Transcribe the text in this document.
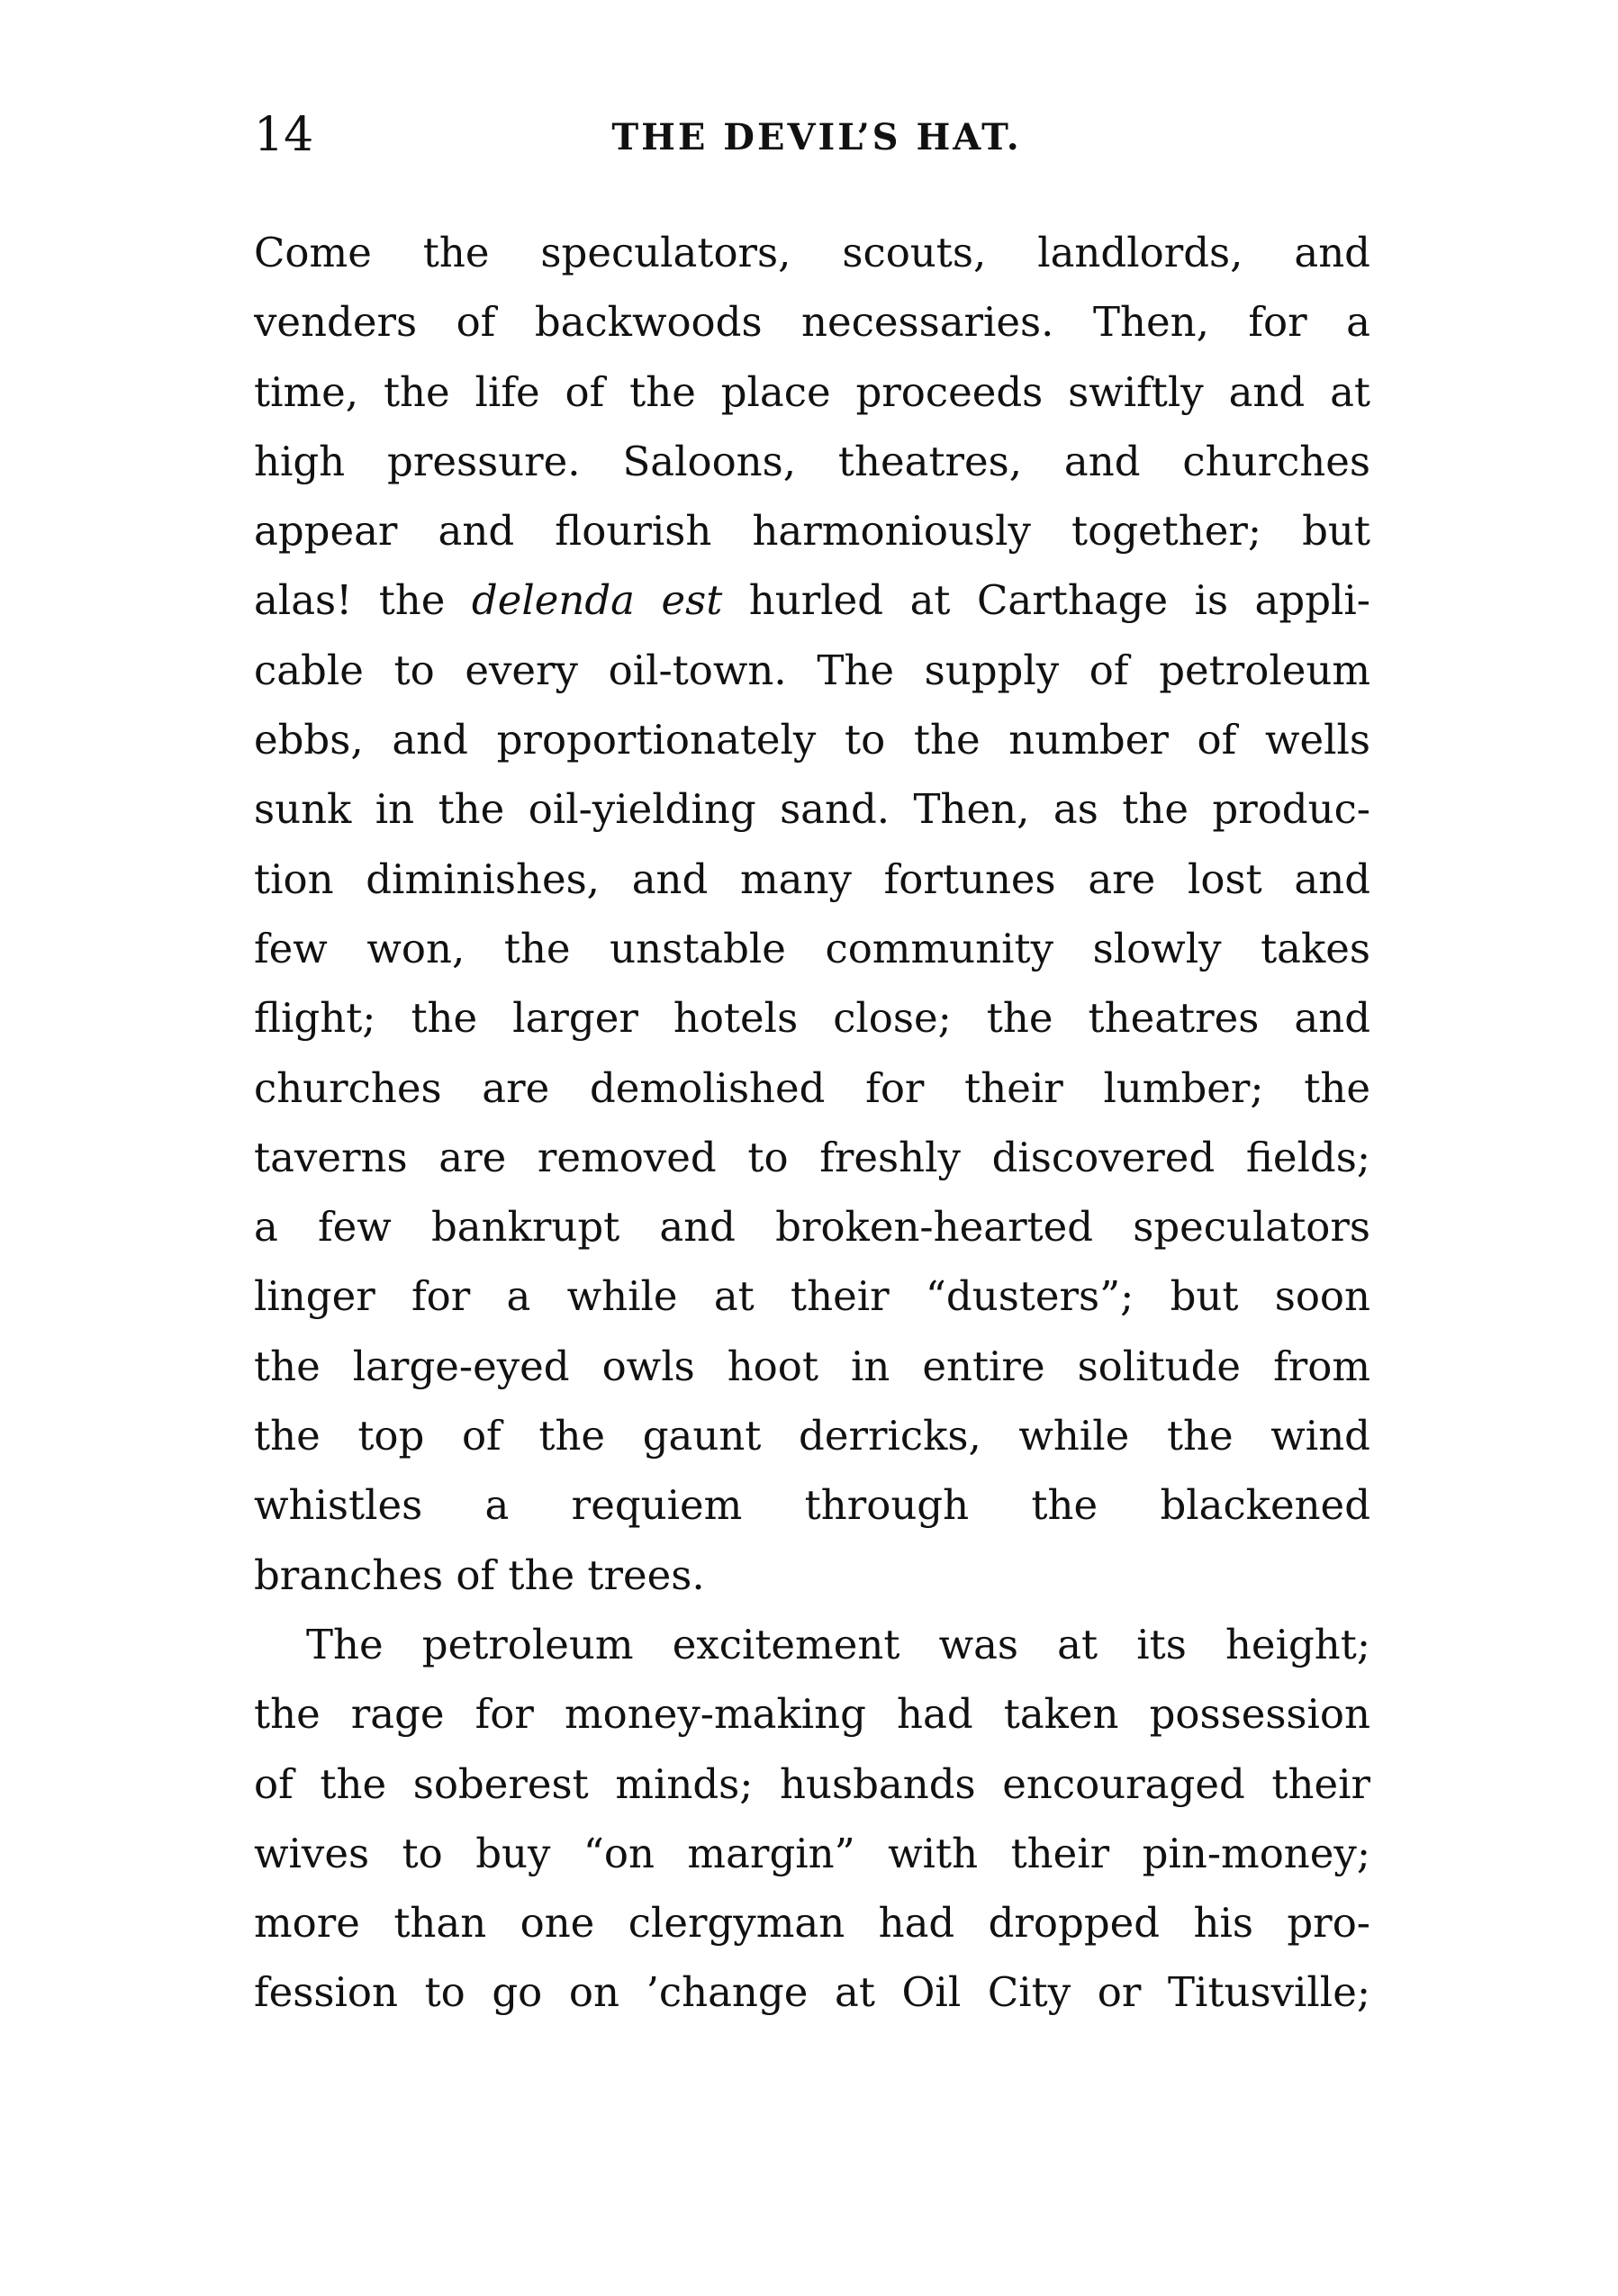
14	THE DEVIL’S HAT.
Come the speculators, scouts, landlords, and
venders of backwoods necessaries. Then, for a
time, the life of the place proceeds swiftly and at
high pressure. Saloons, theatres, and churches
appear and flourish harmoniously together; but
alas! the delenda est hurled at Carthage is appli-
cable to every oil-town. The supply of petroleum
ebbs, and proportionately to the number of wells
sunk in the oil-yielding sand. Then, as the produc-
tion diminishes, and many fortunes are lost and
few won, the unstable community slowly takes
flight; the larger hotels close; the theatres and
churches are demolished for their lumber; the
taverns are removed to freshly discovered fields;
a few bankrupt and broken-hearted speculators
linger for a while at their “dusters”; but soon
the large-eyed owls hoot in entire solitude from
the top of the gaunt derricks, while the wind
whistles a requiem through the blackened
branches of the trees.
The petroleum excitement was at its height;
the rage for money-making had taken possession
of the soberest minds; husbands encouraged their
wives to buy “on margin” with their pin-money;
more than one clergyman had dropped his pro-
fession to go on ’change at Oil City or Titusville;
